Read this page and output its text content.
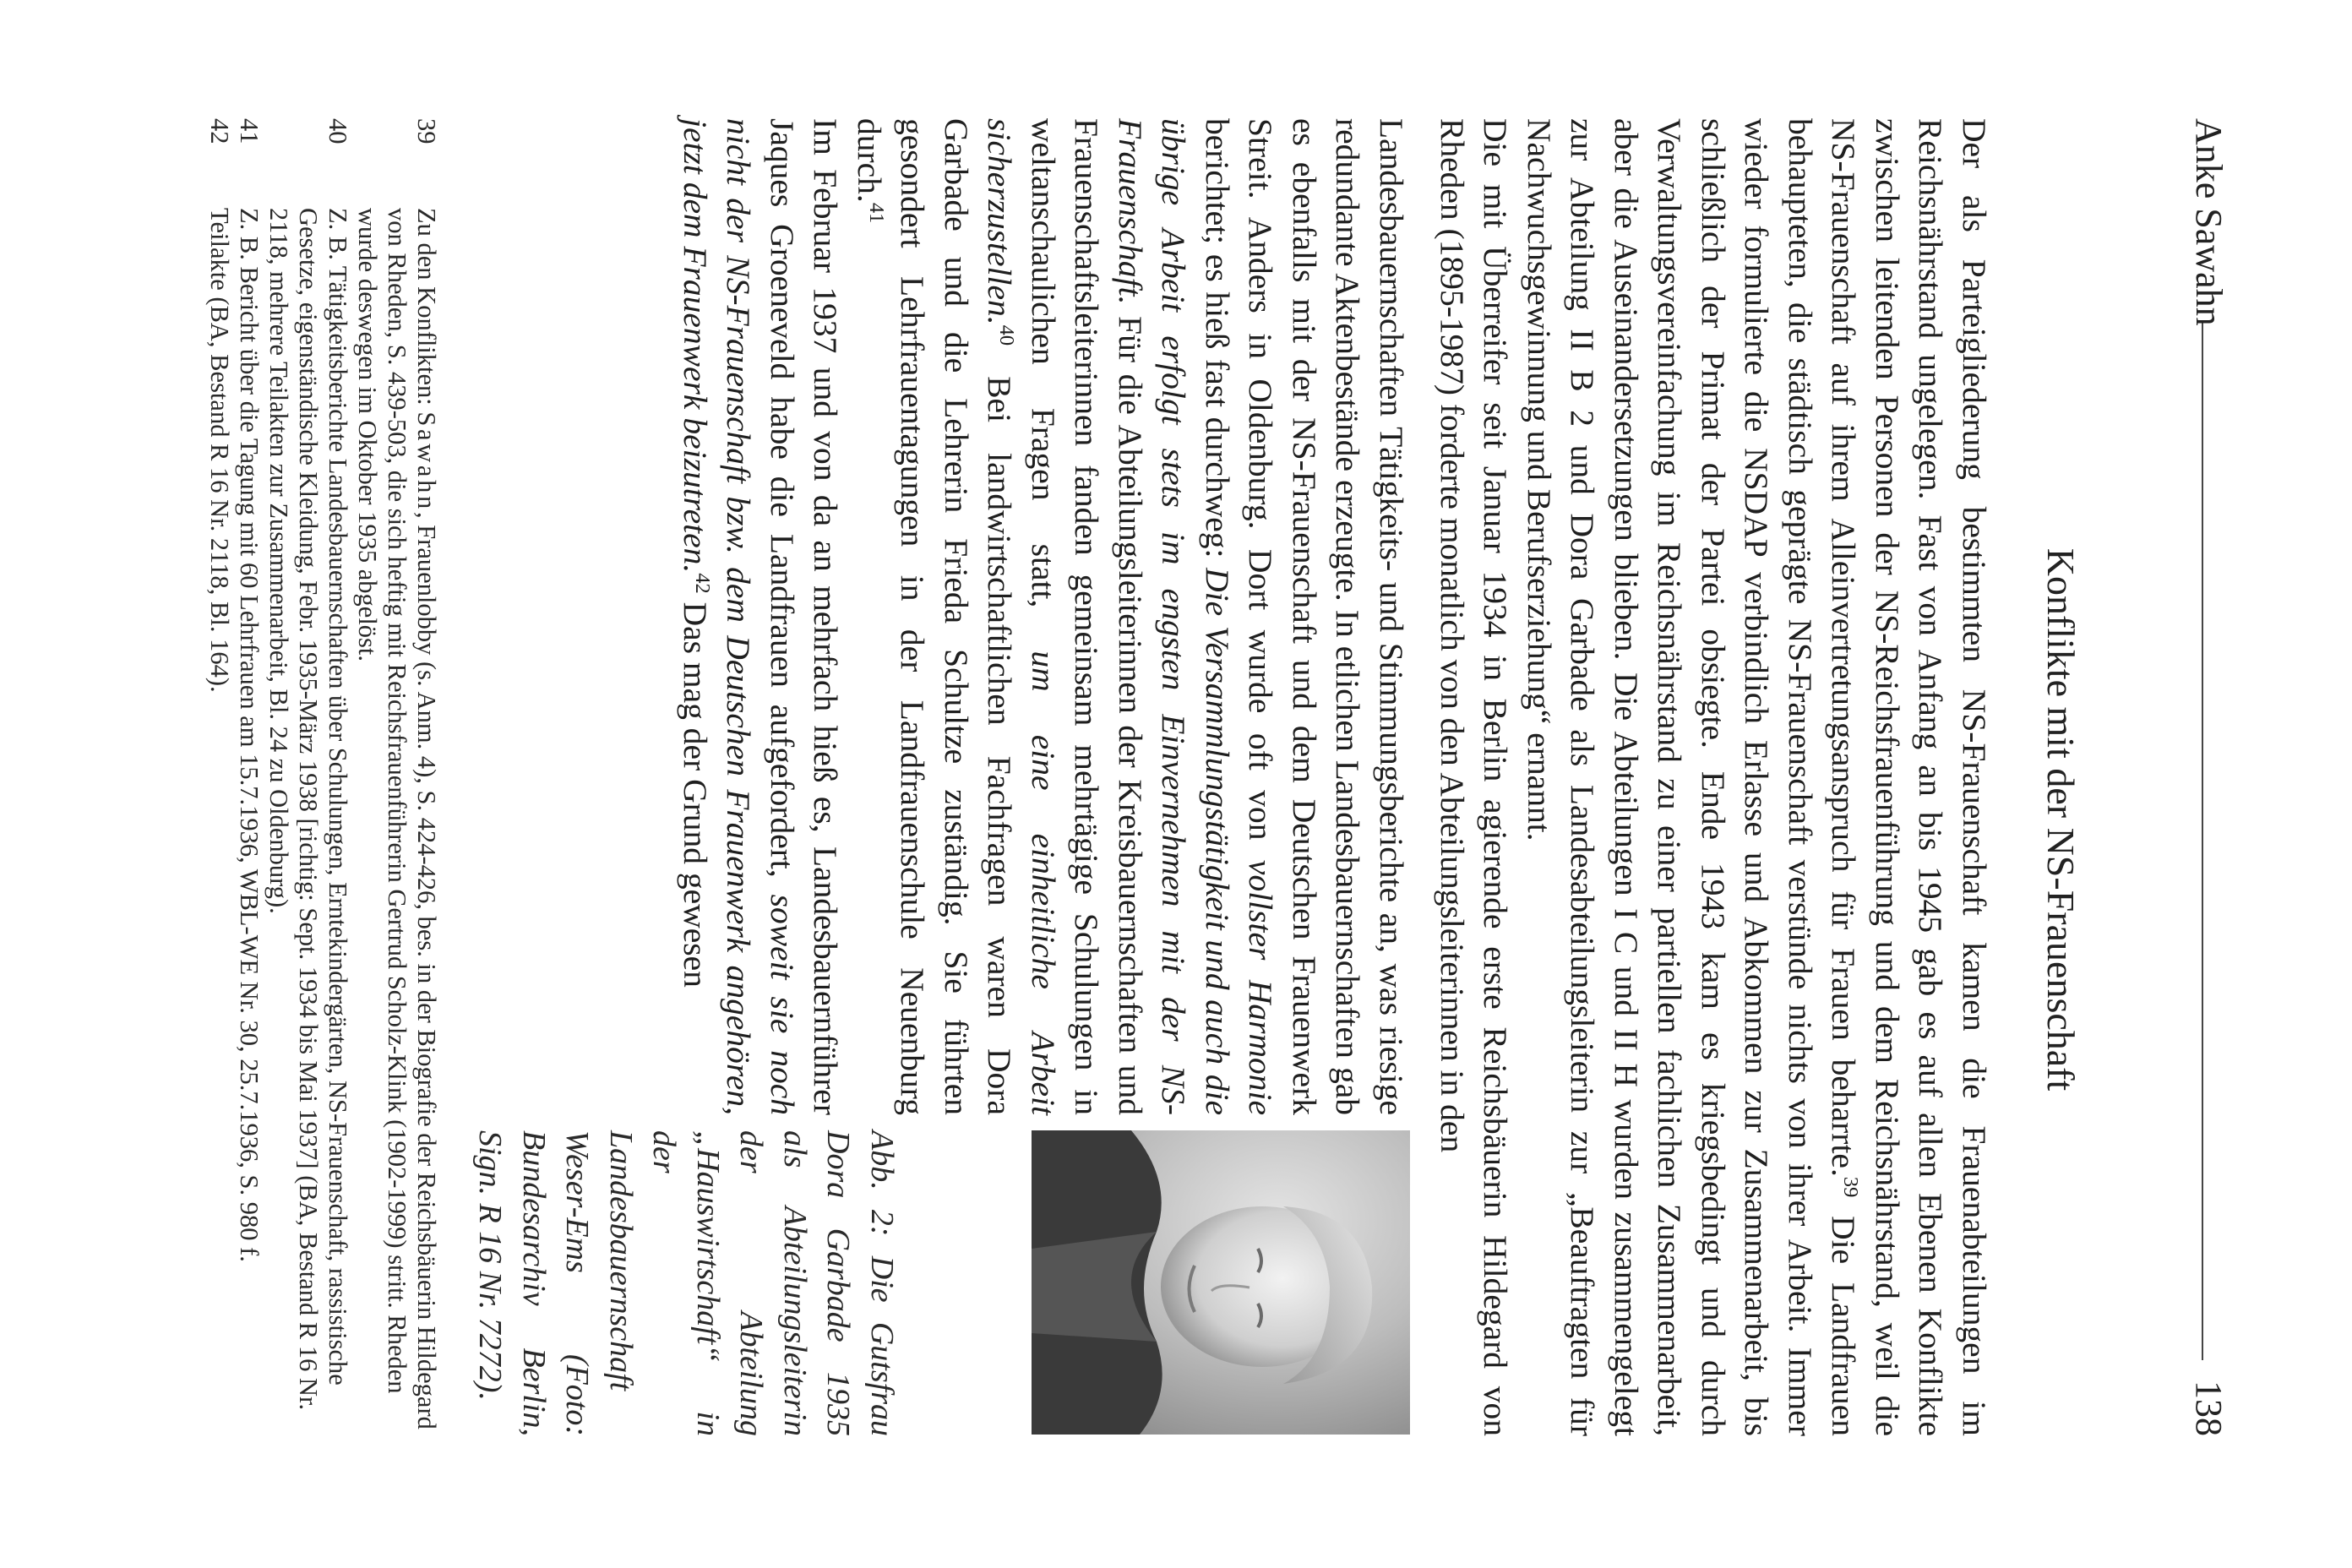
138
Anke Sawahn
Konflikte mit der NS-Frauenschaft

Der als Parteigliederung bestimmten NS-Frauenschaft kamen die Frauenabteilungen im Reichsnährstand ungelegen. Fast von Anfang an bis 1945 gab es auf allen Ebenen Konflikte zwischen leitenden Personen der NS-Reichsfrauenführung und dem Reichsnährstand, weil die NS-Frauenschaft auf ihrem Alleinvertretungsanspruch für Frauen beharrte.$^{39}$ Die Landfrauen behaupteten, die städtisch geprägte NS-Frauenschaft verstünde nichts von ihrer Arbeit. Immer wieder formulierte die NSDAP verbindlich Erlasse und Abkommen zur Zusammenarbeit, bis schließlich der Primat der Partei obsiegte. Ende 1943 kam es kriegsbedingt und durch Verwaltungsvereinfachung im Reichsnährstand zu einer partiellen fachlichen Zusammenarbeit, aber die Auseinandersetzungen blieben. Die Abteilungen I C und II H wurden zusammengelegt zur Abteilung II B 2 und Dora Garbade als Landesabteilungsleiterin zur „Beauftragten für Nachwuchsgewinnung und Berufserziehung“ ernannt.

Die mit Überreifer seit Januar 1934 in Berlin agierende erste Reichsbäuerin Hildegard von Rheden (1895-1987) forderte monatlich von den Abteilungsleiterinnen in den

Landesbauernschaften Tätigkeits- und Stimmungsberichte an, was riesige redundante Aktenbestände erzeugte. In etlichen Landesbauernschaften gab es ebenfalls mit der NS-Frauenschaft und dem Deutschen Frauenwerk Streit. Anders in Oldenburg. Dort wurde oft von vollster Harmonie berichtet; es hieß fast durchweg: Die Versammlungstätigkeit und auch die übrige Arbeit erfolgt stets im engsten Einvernehmen mit der NS-Frauenschaft. Für die Abteilungsleiterinnen der Kreisbauernschaften und Frauenschaftsleiterinnen fanden gemeinsam mehrtägige Schulungen in weltanschaulichen Fragen statt, um eine einheitliche Arbeit sicherzustellen.$^{40}$ Bei landwirtschaftlichen Fachfragen waren Dora Garbade und die Lehrerin Frieda Schultze zuständig. Sie führten gesondert Lehrfrauentagungen in der Landfrauenschule Neuenburg durch.$^{41}$

Im Februar 1937 und von da an mehrfach hieß es, Landesbauernführer Jaques Groeneveld habe die Landfrauen aufgefordert, soweit sie noch nicht der NS-Frauenschaft bzw. dem Deutschen Frauenwerk angehören, jetzt dem Frauenwerk beizutreten.$^{42}$ Das mag der Grund gewesen

Abb. 2: Die Gutsfrau Dora Garbade 1935 als Abteilungsleiterin der Abteilung „Hauswirtschaft“ in der Landesbauernschaft Weser-Ems (Foto: Bundesarchiv Berlin, Sign. R 16 Nr. 7272).

39
Zu den Konflikten: Sawahn, Frauenlobby (s. Anm. 4), S. 424-426, bes. in der Biografie der Reichsbäuerin Hildegard von Rheden, S. 439-503, die sich heftig mit Reichsfrauenführerin Gertrud Scholz-Klink (1902-1999) stritt. Rheden wurde deswegen im Oktober 1935 abgelöst.

40
Z. B. Tätigkeitsberichte Landesbauernschaften über Schulungen, Erntekindergärten, NS-Frauenschaft, rassistische Gesetze, eigenständische Kleidung, Febr. 1935-März 1938 [richtig: Sept. 1934 bis Mai 1937] (BA, Bestand R 16 Nr. 2118, mehrere Teilakten zur Zusammenarbeit, Bl. 24 zu Oldenburg).

41
Z. B. Bericht über die Tagung mit 60 Lehrfrauen am 15.7.1936, WBL-WE Nr. 30, 25.7.1936, S. 980 f.

42
Teilakte (BA, Bestand R 16 Nr. 2118, Bl. 164).
